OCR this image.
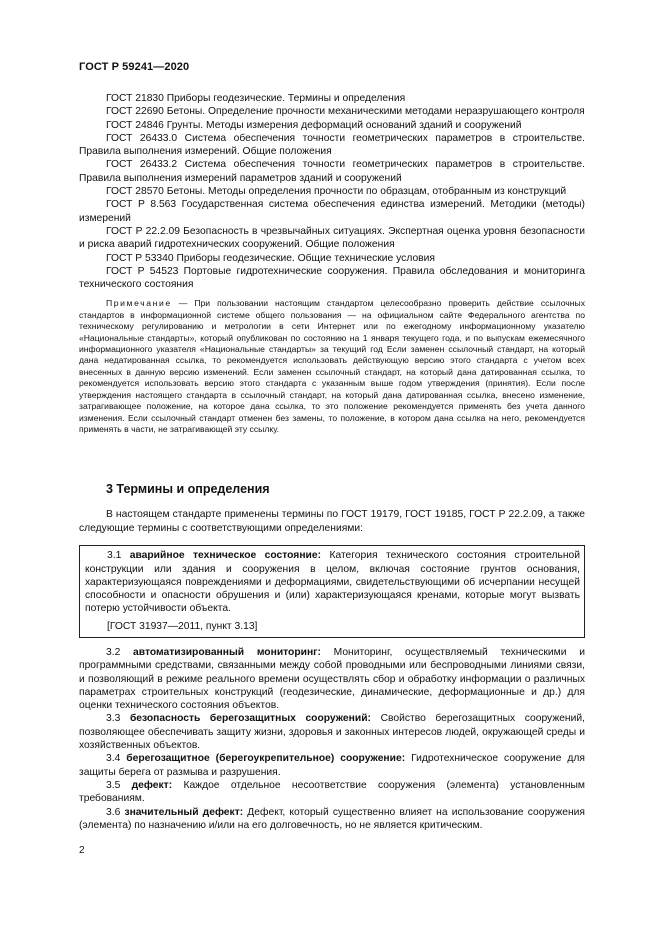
ГОСТ Р 59241—2020

ГОСТ 21830 Приборы геодезические. Термины и определения

ГОСТ 22690 Бетоны. Определение прочности механическими методами неразрушающего контроля

ГОСТ 24846 Грунты. Методы измерения деформаций оснований зданий и сооружений

ГОСТ 26433.0 Система обеспечения точности геометрических параметров в строительстве. Правила выполнения измерений. Общие положения

ГОСТ 26433.2 Система обеспечения точности геометрических параметров в строительстве. Правила выполнения измерений параметров зданий и сооружений

ГОСТ 28570 Бетоны. Методы определения прочности по образцам, отобранным из конструкций

ГОСТ Р 8.563 Государственная система обеспечения единства измерений. Методики (методы) измерений

ГОСТ Р 22.2.09 Безопасность в чрезвычайных ситуациях. Экспертная оценка уровня безопасности и риска аварий гидротехнических сооружений. Общие положения

ГОСТ Р 53340 Приборы геодезические. Общие технические условия

ГОСТ Р 54523 Портовые гидротехнические сооружения. Правила обследования и мониторинга технического состояния

Примечание — При пользовании настоящим стандартом целесообразно проверить действие ссылочных стандартов в информационной системе общего пользования — на официальном сайте Федерального агентства по техническому регулированию и метрологии в сети Интернет или по ежегодному информационному указателю «Национальные стандарты», который опубликован по состоянию на 1 января текущего года, и по выпускам ежемесячного информационного указателя «Национальные стандарты» за текущий год Если заменен ссылочный стандарт, на который дана недатированная ссылка, то рекомендуется использовать действующую версию этого стандарта с учетом всех внесенных в данную версию изменений. Если заменен ссылочный стандарт, на который дана датированная ссылка, то рекомендуется использовать версию этого стандарта с указанным выше годом утверждения (принятия). Если после утверждения настоящего стандарта в ссылочный стандарт, на который дана датированная ссылка, внесено изменение, затрагивающее положение, на которое дана ссылка, то это положение рекомендуется применять без учета данного изменения. Если ссылочный стандарт отменен без замены, то положение, в котором дана ссылка на него, рекомендуется применять в части, не затрагивающей эту ссылку.

3 Термины и определения

В настоящем стандарте применены термины по ГОСТ 19179, ГОСТ 19185, ГОСТ Р 22.2.09, а также следующие термины с соответствующими определениями:

3.1 аварийное техническое состояние: Категория технического состояния строительной конструкции или здания и сооружения в целом, включая состояние грунтов основания, характеризующаяся повреждениями и деформациями, свидетельствующими об исчерпании несущей способности и опасности обрушения и (или) характеризующаяся кренами, которые могут вызвать потерю устойчивости объекта.

[ГОСТ 31937—2011, пункт 3.13]

3.2 автоматизированный мониторинг: Мониторинг, осуществляемый техническими и программными средствами, связанными между собой проводными или беспроводными линиями связи, и позволяющий в режиме реального времени осуществлять сбор и обработку информации о различных параметрах строительных конструкций (геодезические, динамические, деформационные и др.) для оценки технического состояния объектов.

3.3 безопасность берегозащитных сооружений: Свойство берегозащитных сооружений, позволяющее обеспечивать защиту жизни, здоровья и законных интересов людей, окружающей среды и хозяйственных объектов.

3.4 берегозащитное (берегоукрепительное) сооружение: Гидротехническое сооружение для защиты берега от размыва и разрушения.

3.5 дефект: Каждое отдельное несоответствие сооружения (элемента) установленным требованиям.

3.6 значительный дефект: Дефект, который существенно влияет на использование сооружения (элемента) по назначению и/или на его долговечность, но не является критическим.

2
